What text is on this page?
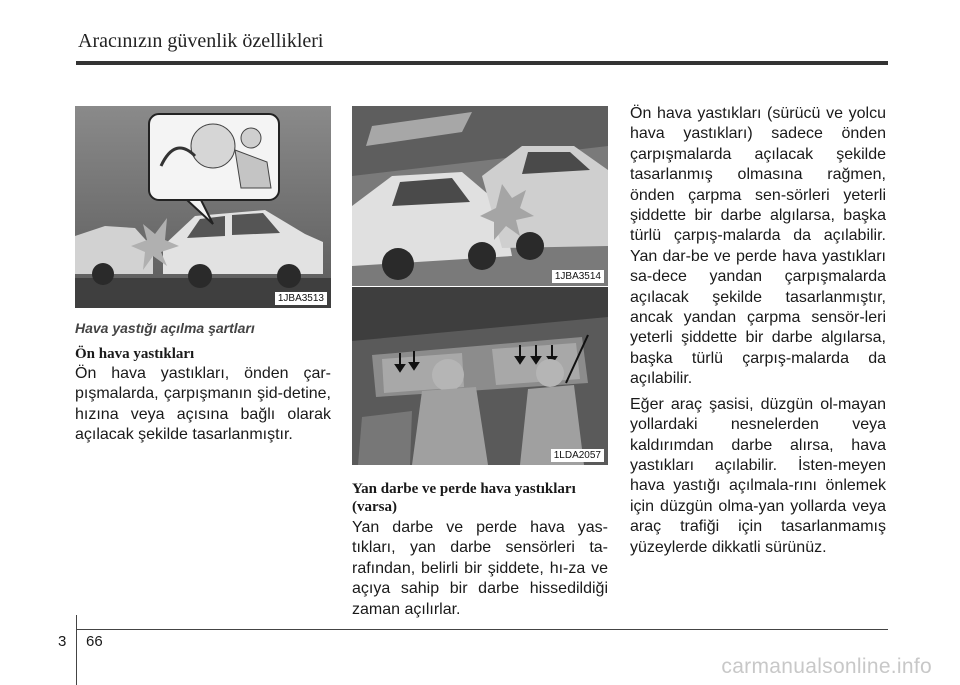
Aracınızın güvenlik özellikleri
1JBA3513
1JBA3514
1LDA2057
Hava yastığı açılma şartları
Ön hava yastıkları

Ön hava yastıkları, önden çar-pışmalarda, çarpışmanın şid-detine, hızına veya açısına bağlı olarak açılacak şekilde tasarlanmıştır.

Yan darbe ve perde hava yastıkları (varsa)

Yan darbe ve perde hava yas-tıkları, yan darbe sensörleri ta-rafından, belirli bir şiddete, hı-za ve açıya sahip bir darbe hissedildiği zaman açılırlar.

Ön hava yastıkları (sürücü ve yolcu hava yastıkları) sadece önden çarpışmalarda açılacak şekilde tasarlanmış olmasına rağmen, önden çarpma sen-sörleri yeterli şiddette bir darbe algılarsa, başka türlü çarpış-malarda da açılabilir. Yan dar-be ve perde hava yastıkları sa-dece yandan çarpışmalarda açılacak şekilde tasarlanmıştır, ancak yandan çarpma sensör-leri yeterli şiddette bir darbe algılarsa, başka türlü çarpış-malarda da açılabilir.

Eğer araç şasisi, düzgün ol-mayan yollardaki nesnelerden veya kaldırımdan darbe alırsa, hava yastıkları açılabilir. İsten-meyen hava yastığı açılmala-rını önlemek için düzgün olma-yan yollarda veya araç trafiği için tasarlanmamış yüzeylerde dikkatli sürünüz.

3 66
carmanualsonline.info
